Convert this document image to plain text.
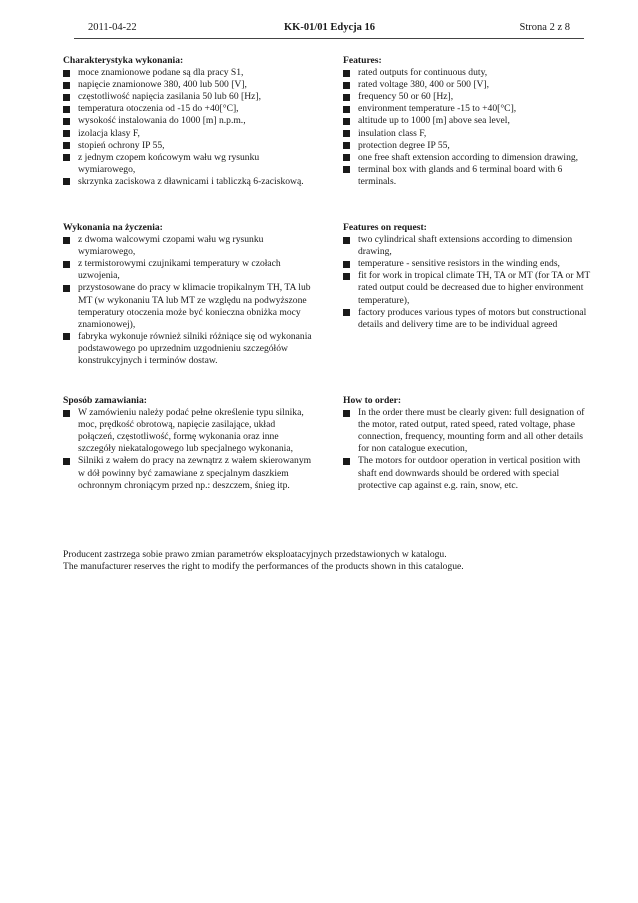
2011-04-22	KK-01/01 Edycja 16	Strona 2 z 8
Charakterystyka wykonania:
moce znamionowe podane są dla pracy S1,
napięcie znamionowe 380, 400 lub 500 [V],
częstotliwość napięcia zasilania 50 lub 60 [Hz],
temperatura otoczenia od -15 do +40[°C],
wysokość instalowania do 1000 [m] n.p.m.,
izolacja klasy F,
stopień ochrony IP 55,
z jednym czopem końcowym wału wg rysunku wymiarowego,
skrzynka zaciskowa z dławnicami i tabliczką 6-zaciskową.
Wykonania na życzenia:
z dwoma walcowymi czopami wału wg rysunku wymiarowego,
z termistorowymi czujnikami temperatury w czołach uzwojenia,
przystosowane do pracy w klimacie tropikalnym TH, TA lub MT (w wykonaniu TA lub MT ze względu na podwyższone temperatury otoczenia może być konieczna obniżka mocy znamionowej),
fabryka wykonuje również silniki różniące się od wykonania podstawowego po uprzednim uzgodnieniu szczegółów konstrukcyjnych i terminów dostaw.
Sposób zamawiania:
W zamówieniu należy podać pełne określenie typu silnika, moc, prędkość obrotową, napięcie zasilające, układ połączeń, częstotliwość, formę wykonania oraz inne szczegóły niekatalogowego lub specjalnego wykonania,
Silniki z wałem do pracy na zewnątrz z wałem skierowanym w dół powinny być zamawiane z specjalnym daszkiem ochronnym chroniącym przed np.: deszczem, śnieg itp.
Features:
rated outputs for continuous duty,
rated voltage 380, 400 or 500 [V],
frequency 50 or 60 [Hz],
environment temperature -15 to +40[°C],
altitude up to 1000 [m] above sea level,
insulation class F,
protection degree IP 55,
one free shaft extension according to dimension drawing,
terminal box with glands and 6 terminal board with 6 terminals.
Features on request:
two cylindrical shaft extensions according to dimension drawing,
temperature - sensitive resistors in the winding ends,
fit for work in tropical climate TH, TA or MT (for TA or MT rated output could be decreased due to higher environment temperature),
factory produces various types of motors but constructional details and delivery time are to be individual agreed
How to order:
In the order there must be clearly given: full designation of the motor, rated output, rated speed, rated voltage, phase connection, frequency, mounting form and all other details for non catalogue execution,
The motors for outdoor operation in vertical position with shaft end downwards should be ordered with special protective cap against e.g. rain, snow, etc.
Producent zastrzega sobie prawo zmian parametrów eksploatacyjnych przedstawionych w katalogu.
The manufacturer reserves the right to modify the performances of the products shown in this catalogue.
